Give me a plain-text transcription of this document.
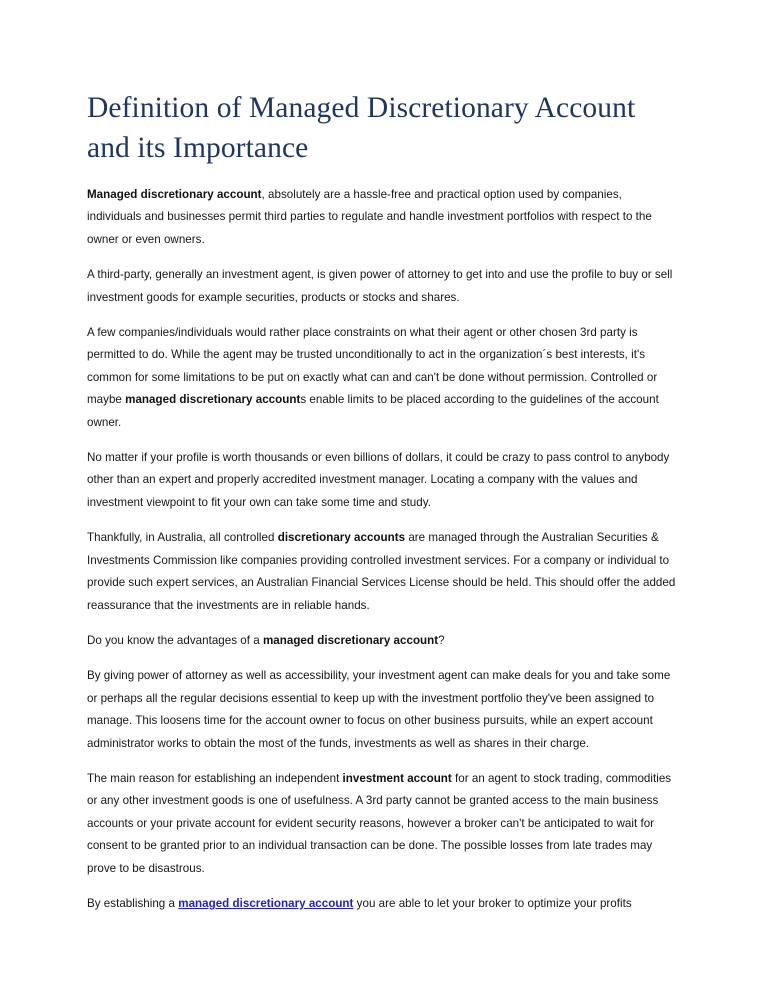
Definition of Managed Discretionary Account and its Importance

Managed discretionary account, absolutely are a hassle-free and practical option used by companies, individuals and businesses permit third parties to regulate and handle investment portfolios with respect to the owner or even owners.

A third-party, generally an investment agent, is given power of attorney to get into and use the profile to buy or sell investment goods for example securities, products or stocks and shares.

A few companies/individuals would rather place constraints on what their agent or other chosen 3rd party is permitted to do. While the agent may be trusted unconditionally to act in the organization´s best interests, it's common for some limitations to be put on exactly what can and can't be done without permission. Controlled or maybe managed discretionary accounts enable limits to be placed according to the guidelines of the account owner.

No matter if your profile is worth thousands or even billions of dollars, it could be crazy to pass control to anybody other than an expert and properly accredited investment manager. Locating a company with the values and investment viewpoint to fit your own can take some time and study.

Thankfully, in Australia, all controlled discretionary accounts are managed through the Australian Securities & Investments Commission like companies providing controlled investment services. For a company or individual to provide such expert services, an Australian Financial Services License should be held. This should offer the added reassurance that the investments are in reliable hands.

Do you know the advantages of a managed discretionary account?

By giving power of attorney as well as accessibility, your investment agent can make deals for you and take some or perhaps all the regular decisions essential to keep up with the investment portfolio they've been assigned to manage. This loosens time for the account owner to focus on other business pursuits, while an expert account administrator works to obtain the most of the funds, investments as well as shares in their charge.

The main reason for establishing an independent investment account for an agent to stock trading, commodities or any other investment goods is one of usefulness. A 3rd party cannot be granted access to the main business accounts or your private account for evident security reasons, however a broker can't be anticipated to wait for consent to be granted prior to an individual transaction can be done. The possible losses from late trades may prove to be disastrous.

By establishing a managed discretionary account you are able to let your broker to optimize your profits
